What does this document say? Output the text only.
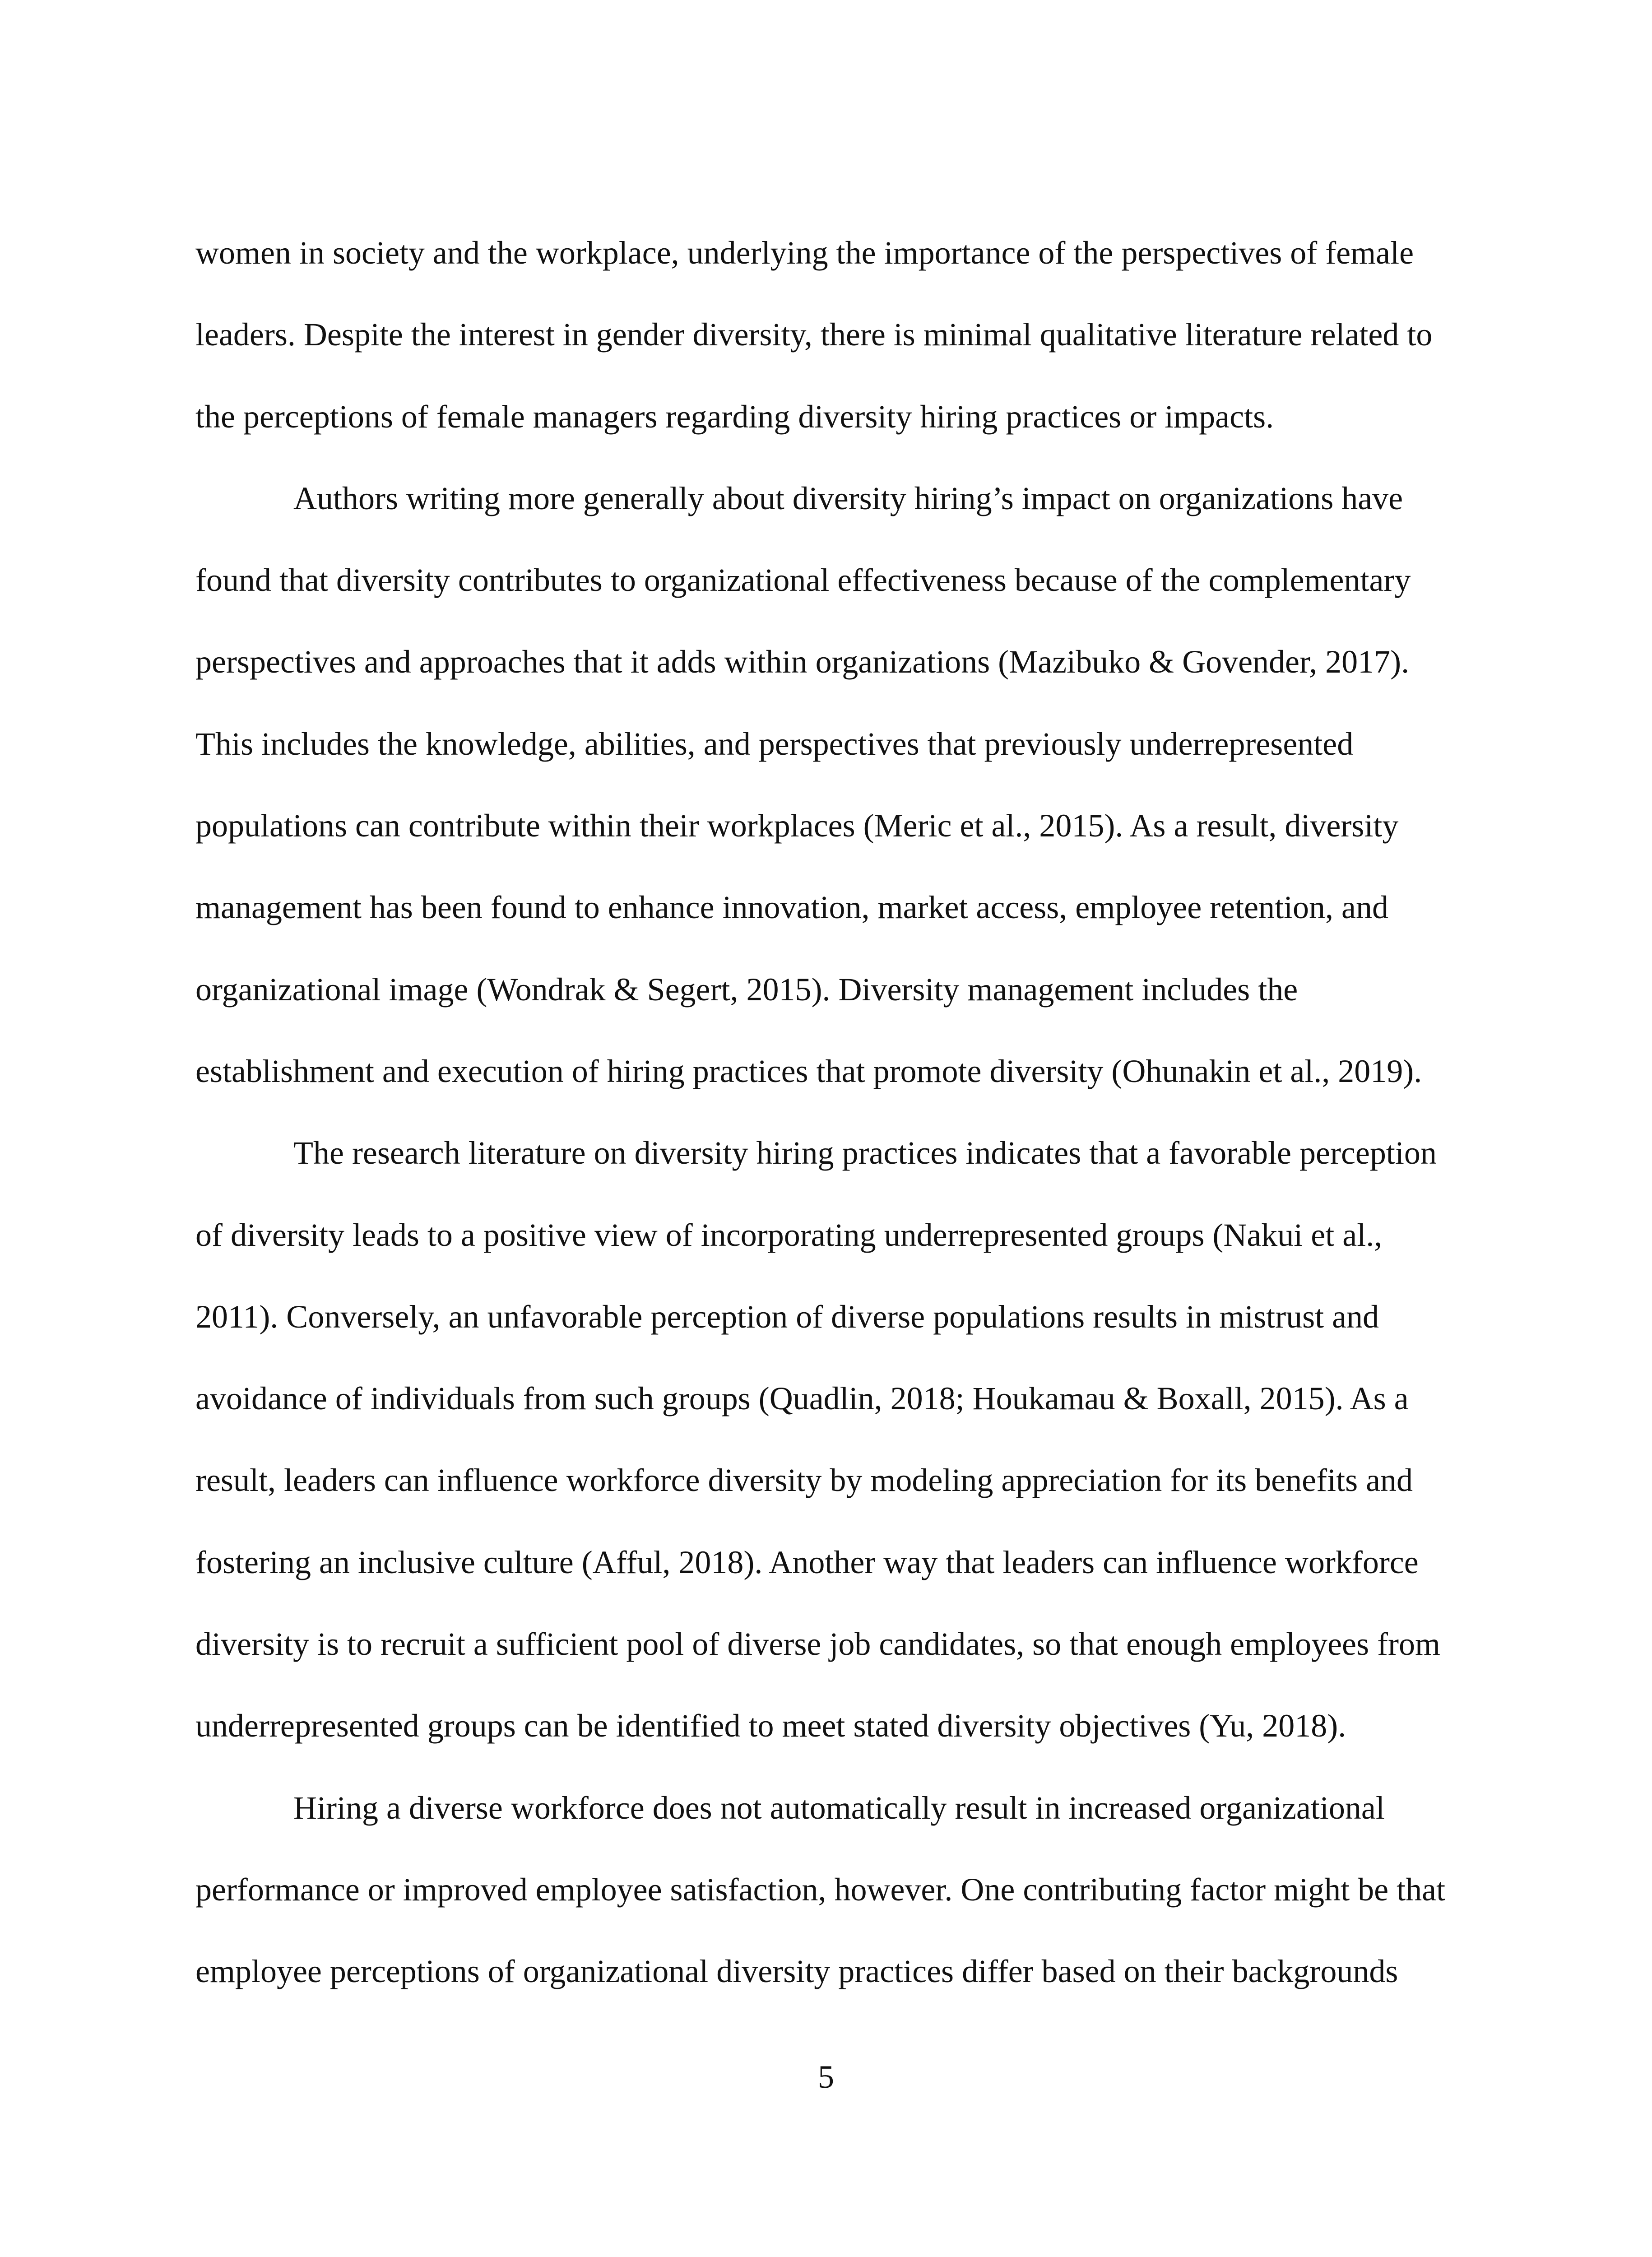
women in society and the workplace, underlying the importance of the perspectives of female
leaders. Despite the interest in gender diversity, there is minimal qualitative literature related to
the perceptions of female managers regarding diversity hiring practices or impacts.
Authors writing more generally about diversity hiring’s impact on organizations have
found that diversity contributes to organizational effectiveness because of the complementary
perspectives and approaches that it adds within organizations (Mazibuko & Govender, 2017).
This includes the knowledge, abilities, and perspectives that previously underrepresented
populations can contribute within their workplaces (Meric et al., 2015). As a result, diversity
management has been found to enhance innovation, market access, employee retention, and
organizational image (Wondrak & Segert, 2015). Diversity management includes the
establishment and execution of hiring practices that promote diversity (Ohunakin et al., 2019).
The research literature on diversity hiring practices indicates that a favorable perception
of diversity leads to a positive view of incorporating underrepresented groups (Nakui et al.,
2011). Conversely, an unfavorable perception of diverse populations results in mistrust and
avoidance of individuals from such groups (Quadlin, 2018; Houkamau & Boxall, 2015). As a
result, leaders can influence workforce diversity by modeling appreciation for its benefits and
fostering an inclusive culture (Afful, 2018). Another way that leaders can influence workforce
diversity is to recruit a sufficient pool of diverse job candidates, so that enough employees from
underrepresented groups can be identified to meet stated diversity objectives (Yu, 2018).
Hiring a diverse workforce does not automatically result in increased organizational
performance or improved employee satisfaction, however. One contributing factor might be that
employee perceptions of organizational diversity practices differ based on their backgrounds
5
